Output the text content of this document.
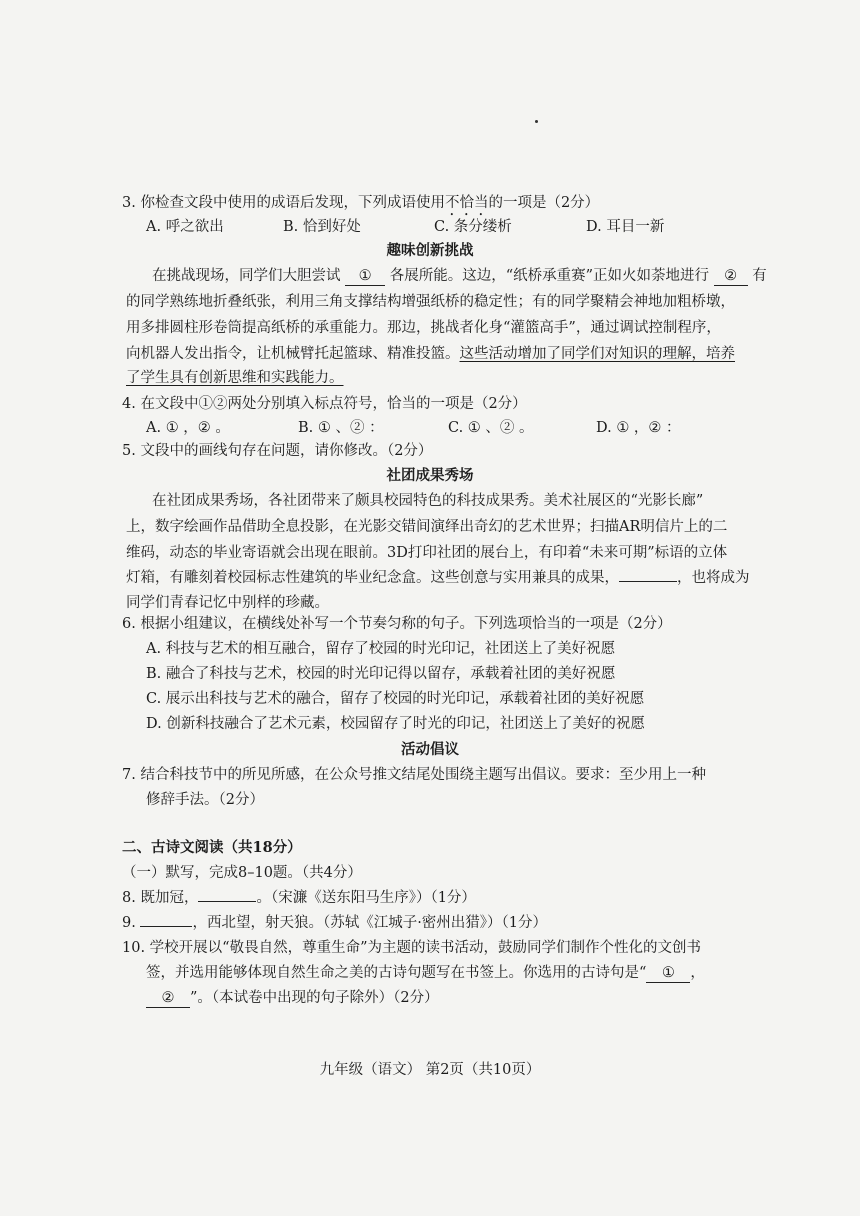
3. 你检查文段中使用的成语后发现，下列成语使用不恰当的一项是（2分）
A. 呼之欲出	B. 恰到好处	C. 条分缕析	D. 耳目一新
趣味创新挑战
在挑战现场，同学们大胆尝试 ① 各展所能。这边，“纸桥承重赛”正如火如荼地进行 ② 有
的同学熟练地折叠纸张，利用三角支撑结构增强纸桥的稳定性；有的同学聚精会神地加粗桥墩，
用多排圆柱形卷筒提高纸桥的承重能力。那边，挑战者化身“灌篮高手”，通过调试控制程序，
向机器人发出指令，让机械臂托起篮球、精准投篮。这些活动增加了同学们对知识的理解，培养
了学生具有创新思维和实践能力。
4. 在文段中①②两处分别填入标点符号，恰当的一项是（2分）
A. ① ，② 。	B. ① 、② ：	C. ① 、② 。	D. ① ，② ：
5. 文段中的画线句存在问题，请你修改。（2分）
社团成果秀场
在社团成果秀场，各社团带来了颇具校园特色的科技成果秀。美术社展区的“光影长廊”
上，数字绘画作品借助全息投影，在光影交错间演绎出奇幻的艺术世界；扫描AR明信片上的二
维码，动态的毕业寄语就会出现在眼前。3D打印社团的展台上，有印着“未来可期”标语的立体
灯箱，有雕刻着校园标志性建筑的毕业纪念盒。这些创意与实用兼具的成果，	，也将成为
同学们青春记忆中别样的珍藏。
6. 根据小组建议，在横线处补写一个节奏匀称的句子。下列选项恰当的一项是（2分）
A. 科技与艺术的相互融合，留存了校园的时光印记，社团送上了美好祝愿
B. 融合了科技与艺术，校园的时光印记得以留存，承载着社团的美好祝愿
C. 展示出科技与艺术的融合，留存了校园的时光印记，承载着社团的美好祝愿
D. 创新科技融合了艺术元素，校园留存了时光的印记，社团送上了美好的祝愿
活动倡议
7. 结合科技节中的所见所感，在公众号推文结尾处围绕主题写出倡议。要求：至少用上一种
修辞手法。（2分）
二、古诗文阅读（共18分）
（一）默写，完成8–10题。（共4分）
8. 既加冠，	。（宋濂《送东阳马生序》）（1分）
9.	，西北望，射天狼。（苏轼《江城子·密州出猎》）（1分）
10. 学校开展以“敬畏自然，尊重生命”为主题的读书活动，鼓励同学们制作个性化的文创书
签，并选用能够体现自然生命之美的古诗句题写在书签上。你选用的古诗句是“ ① ，
② ”。（本试卷中出现的句子除外）（2分）
九年级（语文） 第2页（共10页）
